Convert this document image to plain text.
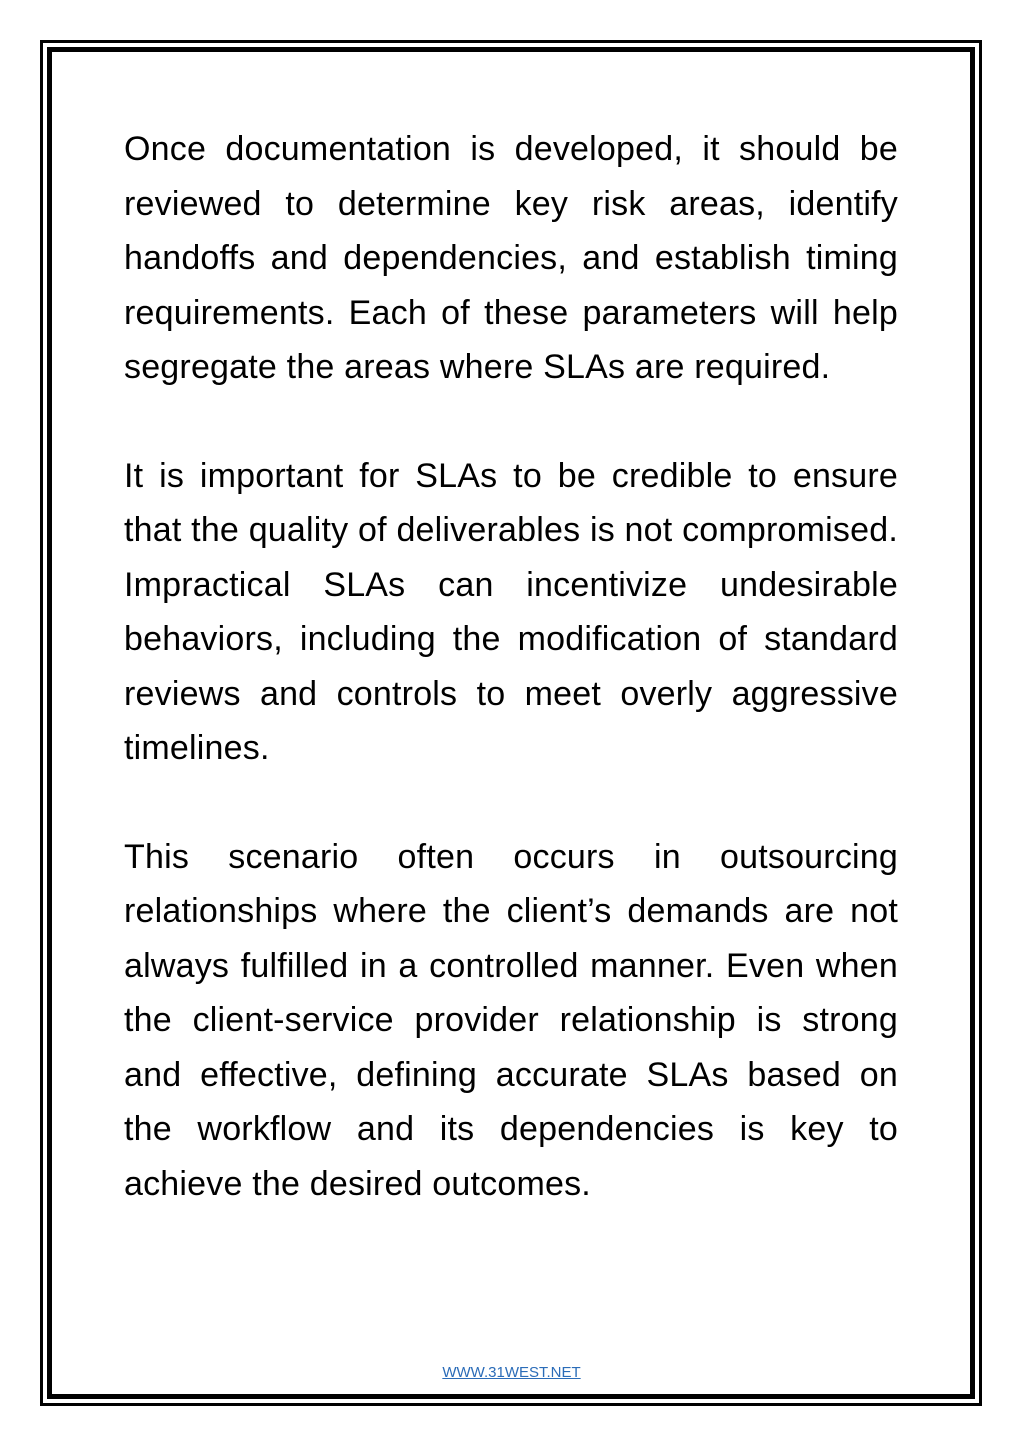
Once documentation is developed, it should be reviewed to determine key risk areas, identify handoffs and dependencies, and establish timing requirements. Each of these parameters will help segregate the areas where SLAs are required.

It is important for SLAs to be credible to ensure that the quality of deliverables is not compromised. Impractical SLAs can incentivize undesirable behaviors, including the modification of standard reviews and controls to meet overly aggressive timelines.

This scenario often occurs in outsourcing relationships where the client’s demands are not always fulfilled in a controlled manner. Even when the client-service provider relationship is strong and effective, defining accurate SLAs based on the workflow and its dependencies is key to achieve the desired outcomes.

WWW.31WEST.NET
